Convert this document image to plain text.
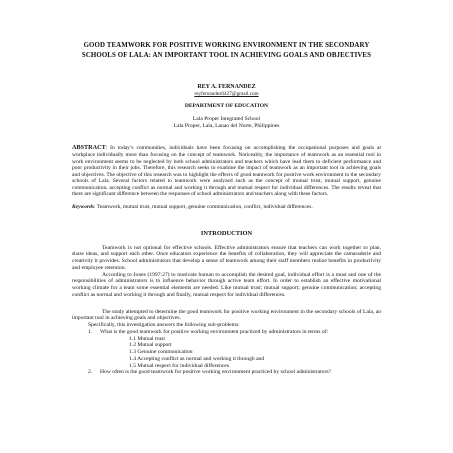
GOOD TEAMWORK FOR POSITIVE WORKING ENVIRONMENT IN THE SECONDARY SCHOOLS OF LALA: AN IMPORTANT TOOL IN ACHIEVING GOALS AND OBJECTIVES
REY A. FERNANDEZ
reyfernandez0427@gmail.com
DEPARTMENT OF EDUCATION
Lala Proper Integrated School
Lala Proper, Lala, Lanao del Norte, Philippines
ABSTRACT: In today’s communities, individuals have been focusing on accomplishing the occupational purposes and goals at workplace individually more than focusing on the concept of teamwork. Noticeably, the importance of teamwork as an essential tool in work environment seems to be neglected by both school administrators and teachers which have lead them to deficient performance and poor productivity in their jobs. Therefore, this research seeks to examine the impact of teamwork as an important tool in achieving goals and objectives. The objective of this research was to highlight the effects of good teamwork for positive work environment in the secondary schools of Lala. Several factors related to teamwork were analyzed such as the concept of mutual trust, mutual support, genuine communication, accepting conflict as normal and working it through and mutual respect for individual differences. The results reveal that there are significant difference between the responses of school administrators and teachers along with these factors.
Keywords: Teamwork, mutual trust, mutual support, genuine communication, conflict, individual differences.
INTRODUCTION

Teamwork is not optional for effective schools. Effective administrators ensure that teachers can work together to plan, share ideas, and support each other. Once educators experience the benefits of collaboration, they will appreciate the camaraderie and creativity it provides. School administrators that develop a sense of teamwork among their staff members realize benefits in productivity and employee retention.

According to Jones (1997:27) to motivate human to accomplish the desired goal, individual effort is a must and one of the responsibilities of administrators is to influence behavior through active team effort. In order to establish an effective motivational working climate for a team some essential elements are needed. Like mutual trust; mutual support; genuine communication; accepting conflict as normal and working it through and finally, mutual respect for individual differences.

The study attempted to determine the good teamwork for positive working environment in the secondary schools of Lala, an important tool in achieving goals and objectives.

Specifically, this investigation answers the following sub-problems:
1.	What is the good teamwork for positive working environment practiced by administrators in terms of:
1.1 Mutual trust
1.2 Mutual support
1.3 Genuine communication
1.4 Accepting conflict as normal and working it through and
1.5 Mutual respect for individual differences
2.	How often is the good teamwork for positive working environment practiced by school administrators?
